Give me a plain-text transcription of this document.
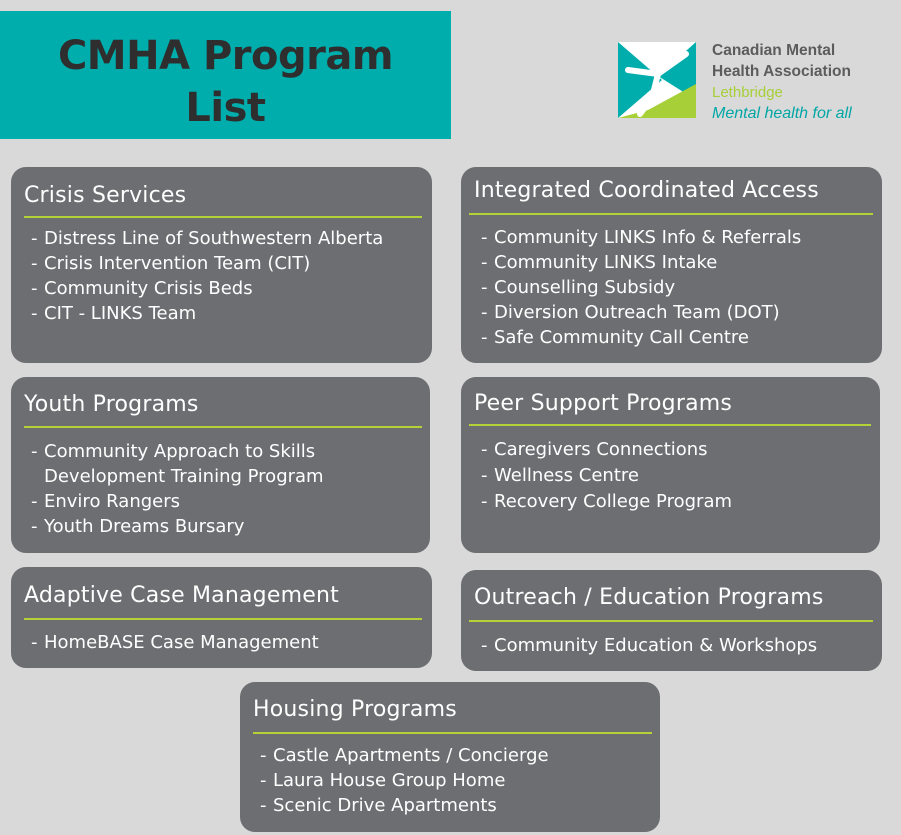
CMHA Program
List
Canadian Mental
Health Association
Lethbridge
Mental health for all
Crisis Services
- Distress Line of Southwestern Alberta
- Crisis Intervention Team (CIT)
- Community Crisis Beds
- CIT - LINKS Team
Integrated Coordinated Access
- Community LINKS Info & Referrals
- Community LINKS Intake
- Counselling Subsidy
- Diversion Outreach Team (DOT)
- Safe Community Call Centre
Youth Programs
- Community Approach to Skills
Development Training Program
- Enviro Rangers
- Youth Dreams Bursary
Peer Support Programs
- Caregivers Connections
- Wellness Centre
- Recovery College Program
Adaptive Case Management
- HomeBASE Case Management
Outreach / Education Programs
- Community Education & Workshops
Housing Programs
- Castle Apartments / Concierge
- Laura House Group Home
- Scenic Drive Apartments
